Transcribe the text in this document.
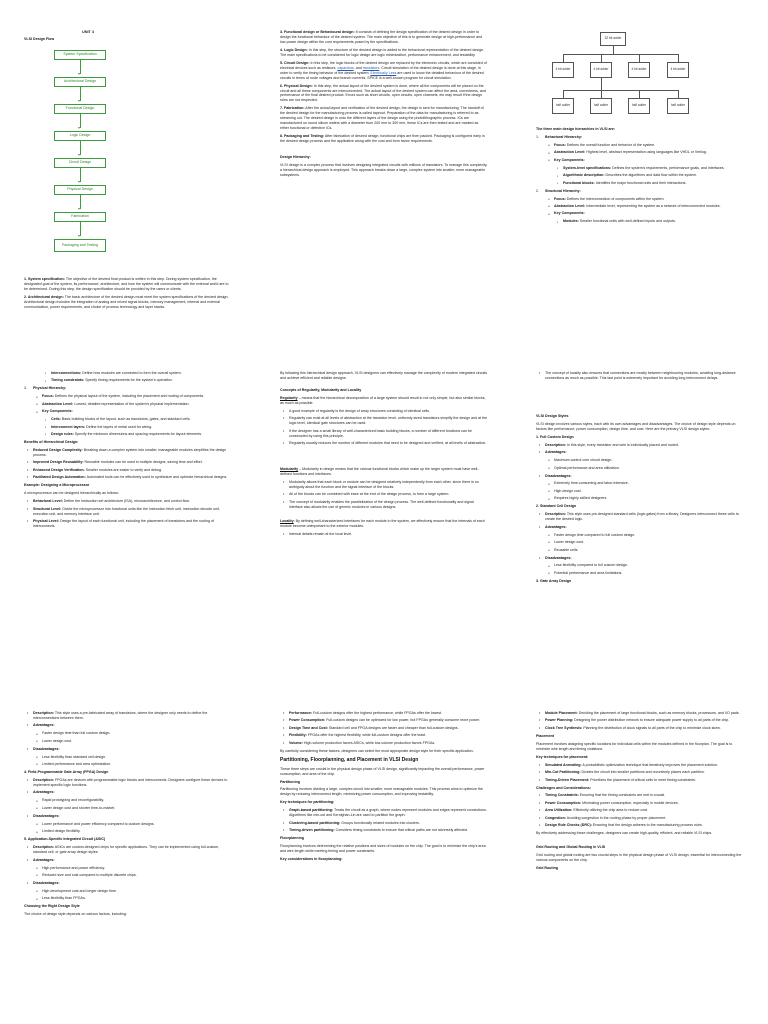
UNIT 4
VLSI Design Flow
System Specification
Architectural Design
Functional Design
Logic Design
Circuit Design
Physical Design
Fabrication
Packaging and Testing

1. System specification: The objective of the desired final product is written in this step. During system specification, the designated goal of the system, its performance, architecture, and how the system will communicate with the external world are to be determined. During this step, the design specification should be provided by the users or clients.

2. Architectural design: The basic architecture of the desired design must meet the system specifications of the desired design. Architectural design includes the integration of analog and mixed signal blocks, memory management, internal and external communication, power requirements, and choice of process technology and layer stacks.

3. Functional design or Behavioural design: It consists of defining the design specification of the desired design in order to design the functional behaviour of the desired system. The main objective of this is to generate design at high-performance and low-power design within the cost requirements posed by the specifications.

4. Logic Design: In this step, the structure of the desired design is added to the behavioral representation of the desired design. The main specifications to be considered for logic design are logic minimization, performance enhancement, and testability.

5. Circuit Design: In this step, the logic blocks of the desired design are replaced by the electronic circuits, which are consisted of electrical devices such as resistors, capacitors, and transistors. Circuit simulation of the desired design is done at this stage, in order to verify the timing behavior of the desired system. Electrically Less are used to know the detailed behaviour of the desired circuits in terms of node voltages and branch currents. SPICE is a well-known program for circuit simulation.

6. Physical Design: In this step, the actual layout of the desired system is done, where all the components will be placed on the circuit and all these components are interconnected. The actual layout of the desired system can affect the area, correctness, and performance of the final desired product. Errors such as short circuits, open circuits, open channels, etc may result if the design rules are not respected.

7. Fabrication: After the actual layout and verification of the desired design, the design is sent for manufacturing. The handoff of the desired design for the manufacturing process is called tapeout. Preparation of the data for manufacturing is referred to as streaming out. The desired design is onto the different layers of the design using the photolithographic process. ICs are manufactured on round silicon wafers with a diameter from 200 mm to 300 mm, these ICs are then tested and are marked as either functional or defective ICs.

8. Packaging and Testing: After fabrication of desired design, functional chips are then packed. Packaging is configured early in the desired design process and the applicative along with the cost and form factor requirements.

Design Hierarchy:

VLSI design is a complex process that involves designing integrated circuits with millions of transistors. To manage this complexity, a hierarchical design approach is employed. This approach breaks down a large, complex system into smaller, more manageable subsystems.

32 bit adder
4 bit adder	4 bit adder	4 bit adder	4 bit adder
half adder	half adder	half adder	half adder
The three main design hierarchies in VLSI are:
1. Behavioral Hierarchy:
o Focus: Defines the overall function and behavior of the system.
o Abstraction Level: Highest level, abstract representation using languages like VHDL or Verilog.
o Key Components:
▪ System-level specifications: Defines the system's requirements, performance goals, and interfaces.
▪ Algorithmic description: Describes the algorithms and data flow within the system.
▪ Functional blocks: Identifies the major functional units and their interactions.
2. Structural Hierarchy:
o Focus: Defines the interconnection of components within the system.
o Abstraction Level: Intermediate level, representing the system as a network of interconnected modules.
o Key Components:
▪ Modules: Smaller functional units with well-defined inputs and outputs.
▪ Interconnections: Define how modules are connected to form the overall system.
▪ Timing constraints: Specify timing requirements for the system's operation.
3. Physical Hierarchy:
o Focus: Defines the physical layout of the system, including the placement and routing of components.
o Abstraction Level: Lowest, detailed representation of the system's physical implementation.
o Key Components:
▪ Cells: Basic building blocks of the layout, such as transistors, gates, and standard cells.
▪ Interconnect layers: Define the layers of metal used for wiring.
▪ Design rules: Specify the minimum dimensions and spacing requirements for layout elements.
Benefits of Hierarchical Design:
• Reduced Design Complexity: Breaking down a complex system into smaller, manageable modules simplifies the design process.
• Improved Design Reusability: Reusable modules can be used in multiple designs, saving time and effort.
• Enhanced Design Verification: Smaller modules are easier to verify and debug.
• Facilitated Design Automation: Automated tools can be effectively used to synthesize and optimize hierarchical designs.
Example: Designing a Microprocessor

A microprocessor can be designed hierarchically as follows:

• Behavioral Level: Define the instruction set architecture (ISA), microarchitecture, and control flow.
• Structural Level: Divide the microprocessor into functional units like the instruction fetch unit, instruction decode unit, execution unit, and memory interface unit.
• Physical Level: Design the layout of each functional unit, including the placement of transistors and the routing of interconnects.

By following this hierarchical design approach, VLSI designers can effectively manage the complexity of modern integrated circuits and achieve efficient and reliable designs.

Concepts of Regularity, Modularity and Locality

Regularity – means that the hierarchical decomposition of a large system should result in not only simple, but also similar blocks, as much as possible.

• A good example of regularity is the design of array structures consisting of identical cells.
• Regularity can exist at all levels of abstraction at the transistor level, uniformly sized transistors simplify the design and at the logic level, identical gate structures can be used.
• If the designer has a small library of well-characterized basic building blocks, a number of different functions can be constructed by using this principle.
• Regularity usually reduces the number of different modules that need to be designed and verified, at all levels of abstraction.

Modularity – Modularity in design means that the various functional blocks which make up the larger system must have well-defined functions and interfaces.

• Modularity allows that each block or module can be designed relatively independently from each other, since there is no ambiguity about the function and the signal interface of the blocks.
• All of the blocks can be combined with ease at the end of the design process, to form a large system.
• The concept of modularity enables the parallelization of the design process. The well-defined functionality and signal interface also allows the use of generic modules in various designs.

Locality: By defining well-characterized interfaces for each module in the system, we effectively ensure that the internals of each module become unimportant to the exterior modules.

• Internal details remain at the local level.
• The concept of locality also ensures that connections are mostly between neighbouring modules, avoiding long-distance connections as much as possible. This last point is extremely important for avoiding long interconnect delays.
VLSI Design Styles

VLSI design involves various styles, each with its own advantages and disadvantages. The choice of design style depends on factors like performance, power consumption, design time, and cost. Here are the primary VLSI design styles:

1. Full Custom Design
• Description: In this style, every transistor and wire is individually placed and routed.
• Advantages:
o Maximum control over circuit design.
o Optimal performance and area utilization.
• Disadvantages:
o Extremely time-consuming and labor-intensive.
o High design cost.
o Requires highly skilled designers.
2. Standard Cell Design
• Description: This style uses pre-designed standard cells (logic gates) from a library. Designers interconnect these cells to create the desired logic.
• Advantages:
o Faster design time compared to full custom design.
o Lower design cost.
o Reusable cells.
• Disadvantages:
o Less flexibility compared to full custom design.
o Potential performance and area limitations.
3. Gate Array Design
• Description: This style uses a pre-fabricated array of transistors, where the designer only needs to define the interconnections between them.
• Advantages:
o Faster design time than full custom design.
o Lower design cost.
• Disadvantages:
o Less flexibility than standard cell design.
o Limited performance and area optimization.
4. Field-Programmable Gate Array (FPGA) Design
• Description: FPGAs are devices with programmable logic blocks and interconnects. Designers configure these devices to implement specific logic functions.
• Advantages:
o Rapid prototyping and reconfigurability.
o Lower design cost and shorter time-to-market.
• Disadvantages:
o Lower performance and power efficiency compared to custom designs.
o Limited design flexibility.
5. Application-Specific Integrated Circuit (ASIC)
• Description: ASICs are custom-designed chips for specific applications. They can be implemented using full-custom, standard cell, or gate array design styles.
• Advantages:
o High performance and power efficiency.
o Reduced size and cost compared to multiple discrete chips.
• Disadvantages:
o High development cost and longer design time.
o Less flexibility than FPGAs.
Choosing the Right Design Style

The choice of design style depends on various factors, including:

• Performance: Full-custom designs offer the highest performance, while FPGAs offer the lowest.
• Power Consumption: Full-custom designs can be optimized for low power, but FPGAs generally consume more power.
• Design Time and Cost: Standard cell and FPGA designs are faster and cheaper than full-custom designs.
• Flexibility: FPGAs offer the highest flexibility, while full-custom designs offer the least.
• Volume: High-volume production favors ASICs, while low-volume production favors FPGAs.

By carefully considering these factors, designers can select the most appropriate design style for their specific application.

Partitioning, Floorplanning, and Placement in VLSI Design

These three steps are crucial in the physical design phase of VLSI design, significantly impacting the overall performance, power consumption, and area of the chip.

Partitioning

Partitioning involves dividing a large, complex circuit into smaller, more manageable modules. This process aims to optimize the design by reducing interconnect length, minimizing power consumption, and improving testability.

Key techniques for partitioning:
• Graph-based partitioning: Treats the circuit as a graph, where nodes represent modules and edges represent connections. Algorithms like min-cut and Kernighan-Lin are used to partition the graph.
• Clustering-based partitioning: Groups functionally related modules into clusters.
• Timing-driven partitioning: Considers timing constraints to ensure that critical paths are not adversely affected.
Floorplanning

Floorplanning involves determining the relative positions and sizes of modules on the chip. The goal is to minimize the chip's area and wire length while meeting timing and power constraints.

Key considerations in floorplanning:
• Module Placement: Deciding the placement of large functional blocks, such as memory blocks, processors, and I/O pads.
• Power Planning: Designing the power distribution network to ensure adequate power supply to all parts of the chip.
• Clock Tree Synthesis: Planning the distribution of clock signals to all parts of the chip to minimize clock skew.
Placement

Placement involves assigning specific locations for individual cells within the modules defined in the floorplan. The goal is to minimize wire length and timing violations.

Key techniques for placement:
• Simulated Annealing: A probabilistic optimization technique that iteratively improves the placement solution.
• Min-Cut Partitioning: Divides the circuit into smaller partitions and recursively places each partition.
• Timing-Driven Placement: Prioritizes the placement of critical cells to meet timing constraints.
Challenges and Considerations:
• Timing Constraints: Ensuring that the timing constraints are met is crucial.
• Power Consumption: Minimizing power consumption, especially in mobile devices.
• Area Utilization: Efficiently utilizing the chip area to reduce cost.
• Congestion: Avoiding congestion in the routing phase by proper placement.
• Design Rule Checks (DRC): Ensuring that the design adheres to the manufacturing process rules.

By effectively addressing these challenges, designers can create high-quality, efficient, and reliable VLSI chips.

Grid Routing and Global Routing in VLSI

Grid routing and global routing are two crucial steps in the physical design phase of VLSI design, essential for interconnecting the various components on the chip.

Grid Routing
